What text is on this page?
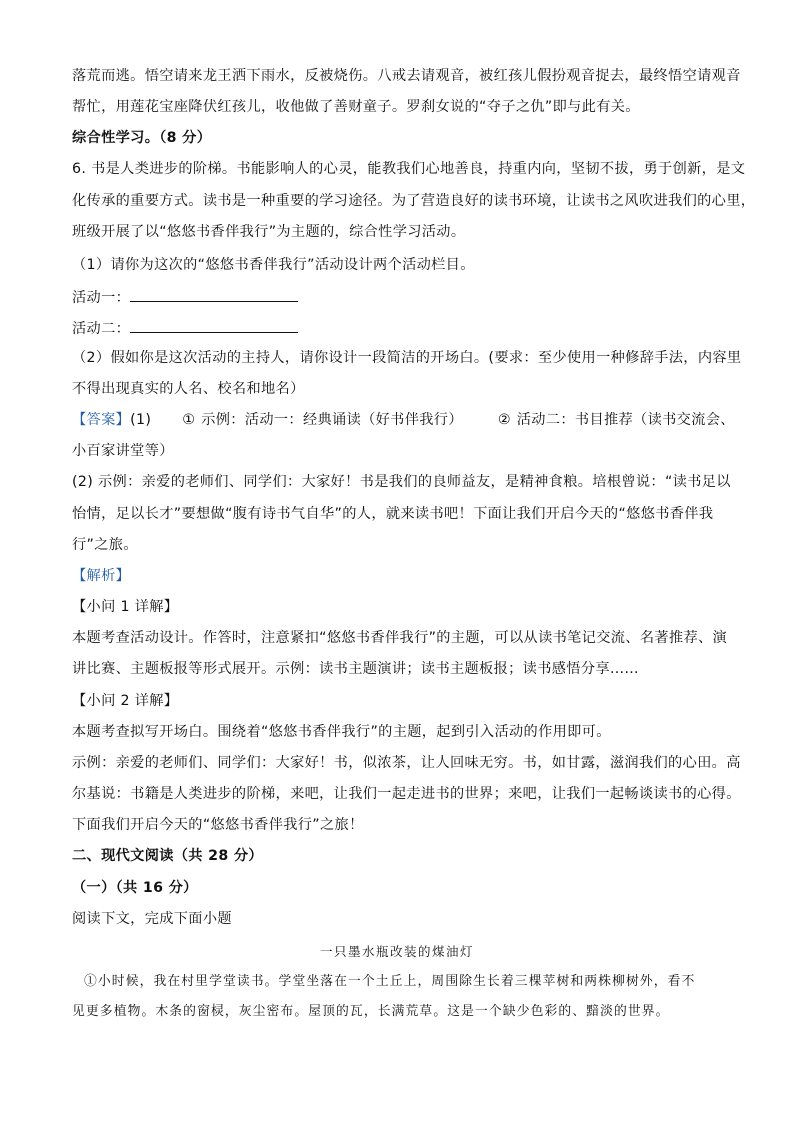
落荒而逃。悟空请来龙王洒下雨水，反被烧伤。八戒去请观音，被红孩儿假扮观音捉去，最终悟空请观音
帮忙，用莲花宝座降伏红孩儿，收他做了善财童子。罗刹女说的“夺子之仇”即与此有关。
综合性学习。（8 分）
6. 书是人类进步的阶梯。书能影响人的心灵，能教我们心地善良，持重内向，坚韧不拔，勇于创新，是文
化传承的重要方式。读书是一种重要的学习途径。为了营造良好的读书环境，让读书之风吹进我们的心里，
班级开展了以“悠悠书香伴我行”为主题的，综合性学习活动。
（1）请你为这次的“悠悠书香伴我行”活动设计两个活动栏目。
活动一：
活动二：
（2）假如你是这次活动的主持人，请你设计一段简洁的开场白。(要求：至少使用一种修辞手法，内容里
不得出现真实的人名、校名和地名）
【答案】(1) ① 示例：活动一：经典诵读（好书伴我行） ② 活动二：书目推荐（读书交流会、
小百家讲堂等）
(2) 示例：亲爱的老师们、同学们：大家好！书是我们的良师益友，是精神食粮。培根曾说：“读书足以
怡情，足以长才”要想做“腹有诗书气自华”的人，就来读书吧！下面让我们开启今天的“悠悠书香伴我
行”之旅。
【解析】
【小问 1 详解】
本题考查活动设计。作答时，注意紧扣“悠悠书香伴我行”的主题，可以从读书笔记交流、名著推荐、演
讲比赛、主题板报等形式展开。示例：读书主题演讲；读书主题板报；读书感悟分享……
【小问 2 详解】
本题考查拟写开场白。围绕着“悠悠书香伴我行”的主题，起到引入活动的作用即可。
示例：亲爱的老师们、同学们：大家好！书，似浓茶，让人回味无穷。书，如甘露，滋润我们的心田。高
尔基说：书籍是人类进步的阶梯，来吧，让我们一起走进书的世界；来吧，让我们一起畅谈读书的心得。
下面我们开启今天的“悠悠书香伴我行”之旅！
二、现代文阅读（共 28 分）
（一）（共 16 分）
阅读下文，完成下面小题
一只墨水瓶改装的煤油灯
①小时候，我在村里学堂读书。学堂坐落在一个土丘上，周围除生长着三棵苹树和两株柳树外，看不
见更多植物。木条的窗棂，灰尘密布。屋顶的瓦，长满荒草。这是一个缺少色彩的、黯淡的世界。
